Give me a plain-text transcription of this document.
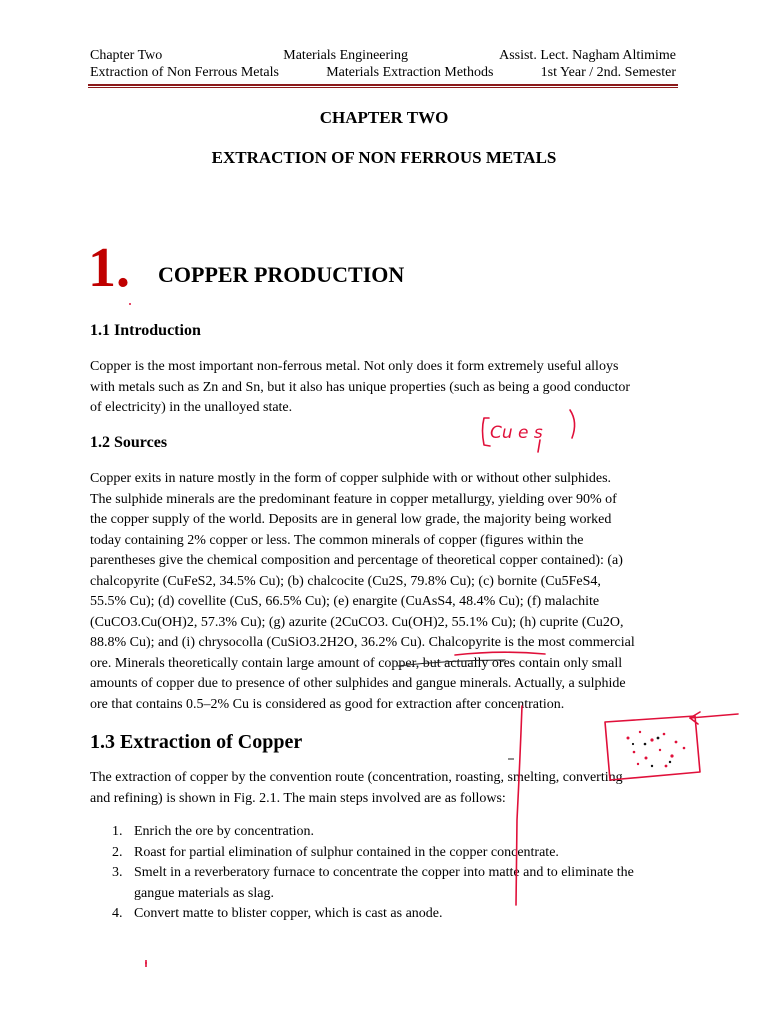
Chapter Two	Materials Engineering	Assist. Lect. Nagham Altimime
Extraction of Non Ferrous Metals	Materials Extraction Methods	1st Year / 2nd. Semester
CHAPTER TWO
EXTRACTION OF NON FERROUS METALS
1. COPPER PRODUCTION
1.1 Introduction
Copper is the most important non-ferrous metal. Not only does it form extremely useful alloys
with metals such as Zn and Sn, but it also has unique properties (such as being a good conductor
of electricity) in the unalloyed state.
1.2 Sources
Copper exits in nature mostly in the form of copper sulphide with or without other sulphides.
The sulphide minerals are the predominant feature in copper metallurgy, yielding over 90% of
the copper supply of the world. Deposits are in general low grade, the majority being worked
today containing 2% copper or less. The common minerals of copper (figures within the
parentheses give the chemical composition and percentage of theoretical copper contained): (a)
chalcopyrite (CuFeS2, 34.5% Cu); (b) chalcocite (Cu2S, 79.8% Cu); (c) bornite (Cu5FeS4,
55.5% Cu); (d) covellite (CuS, 66.5% Cu); (e) enargite (CuAsS4, 48.4% Cu); (f) malachite
(CuCO3.Cu(OH)2, 57.3% Cu); (g) azurite (2CuCO3. Cu(OH)2, 55.1% Cu); (h) cuprite (Cu2O,
88.8% Cu); and (i) chrysocolla (CuSiO3.2H2O, 36.2% Cu). Chalcopyrite is the most commercial
ore. Minerals theoretically contain large amount of copper, but actually ores contain only small
amounts of copper due to presence of other sulphides and gangue minerals. Actually, a sulphide
ore that contains 0.5–2% Cu is considered as good for extraction after concentration.
1.3 Extraction of Copper
The extraction of copper by the convention route (concentration, roasting, smelting, converting
and refining) is shown in Fig. 2.1. The main steps involved are as follows:
1. Enrich the ore by concentration.
2. Roast for partial elimination of sulphur contained in the copper concentrate.
3. Smelt in a reverberatory furnace to concentrate the copper into matte and to eliminate the gangue materials as slag.
4. Convert matte to blister copper, which is cast as anode.
Cu e s
